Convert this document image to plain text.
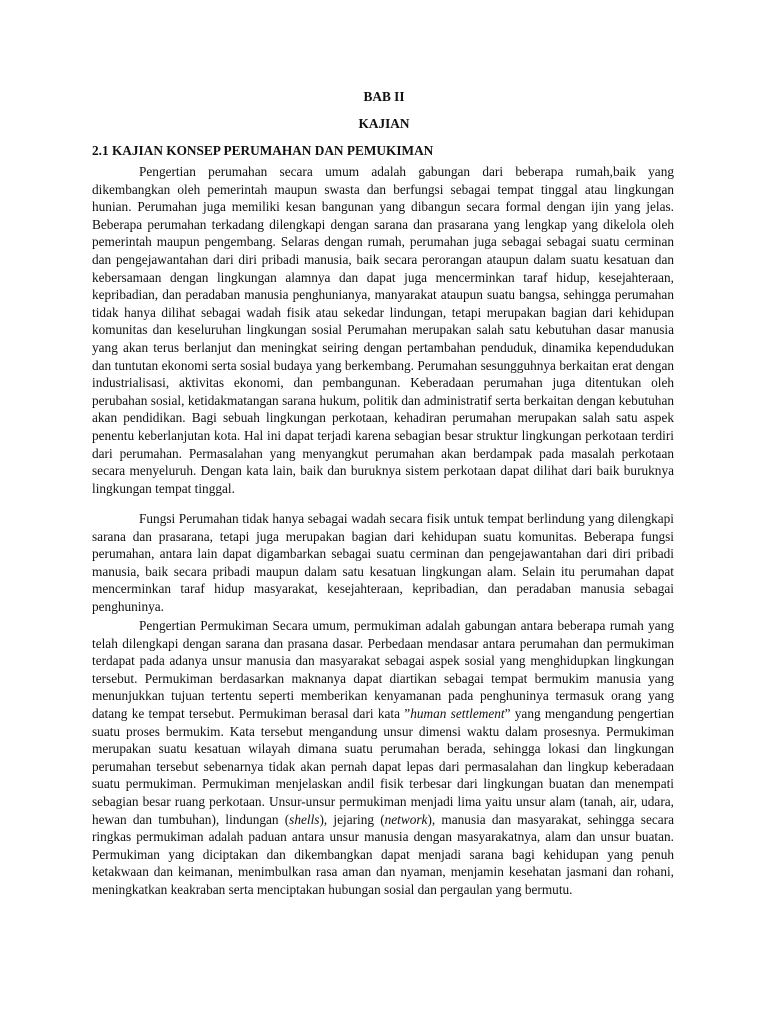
BAB II
KAJIAN
2.1 KAJIAN KONSEP PERUMAHAN DAN PEMUKIMAN
Pengertian perumahan secara umum adalah gabungan dari beberapa rumah,baik yang dikembangkan oleh pemerintah maupun swasta dan berfungsi sebagai tempat tinggal atau lingkungan hunian. Perumahan juga memiliki kesan bangunan yang dibangun secara formal dengan ijin yang jelas. Beberapa perumahan terkadang dilengkapi dengan sarana dan prasarana yang lengkap yang dikelola oleh pemerintah maupun pengembang. Selaras dengan rumah, perumahan juga sebagai sebagai suatu cerminan dan pengejawantahan dari diri pribadi manusia, baik secara perorangan ataupun dalam suatu kesatuan dan kebersamaan dengan lingkungan alamnya dan dapat juga mencerminkan taraf hidup, kesejahteraan, kepribadian, dan peradaban manusia penghunianya, manyarakat ataupun suatu bangsa, sehingga perumahan tidak hanya dilihat sebagai wadah fisik atau sekedar lindungan, tetapi merupakan bagian dari kehidupan komunitas dan keseluruhan lingkungan sosial Perumahan merupakan salah satu kebutuhan dasar manusia yang akan terus berlanjut dan meningkat seiring dengan pertambahan penduduk, dinamika kependudukan dan tuntutan ekonomi serta sosial budaya yang berkembang. Perumahan sesungguhnya berkaitan erat dengan industrialisasi, aktivitas ekonomi, dan pembangunan. Keberadaan perumahan juga ditentukan oleh perubahan sosial, ketidakmatangan sarana hukum, politik dan administratif serta berkaitan dengan kebutuhan akan pendidikan. Bagi sebuah lingkungan perkotaan, kehadiran perumahan merupakan salah satu aspek penentu keberlanjutan kota. Hal ini dapat terjadi karena sebagian besar struktur lingkungan perkotaan terdiri dari perumahan. Permasalahan yang menyangkut perumahan akan berdampak pada masalah perkotaan secara menyeluruh. Dengan kata lain, baik dan buruknya sistem perkotaan dapat dilihat dari baik buruknya lingkungan tempat tinggal.
Fungsi Perumahan tidak hanya sebagai wadah secara fisik untuk tempat berlindung yang dilengkapi sarana dan prasarana, tetapi juga merupakan bagian dari kehidupan suatu komunitas. Beberapa fungsi perumahan, antara lain dapat digambarkan sebagai suatu cerminan dan pengejawantahan dari diri pribadi manusia, baik secara pribadi maupun dalam satu kesatuan lingkungan alam. Selain itu perumahan dapat mencerminkan taraf hidup masyarakat, kesejahteraan, kepribadian, dan peradaban manusia sebagai penghuninya.
Pengertian Permukiman Secara umum, permukiman adalah gabungan antara beberapa rumah yang telah dilengkapi dengan sarana dan prasana dasar. Perbedaan mendasar antara perumahan dan permukiman terdapat pada adanya unsur manusia dan masyarakat sebagai aspek sosial yang menghidupkan lingkungan tersebut. Permukiman berdasarkan maknanya dapat diartikan sebagai tempat bermukim manusia yang menunjukkan tujuan tertentu seperti memberikan kenyamanan pada penghuninya termasuk orang yang datang ke tempat tersebut. Permukiman berasal dari kata ”human settlement” yang mengandung pengertian suatu proses bermukim. Kata tersebut mengandung unsur dimensi waktu dalam prosesnya. Permukiman merupakan suatu kesatuan wilayah dimana suatu perumahan berada, sehingga lokasi dan lingkungan perumahan tersebut sebenarnya tidak akan pernah dapat lepas dari permasalahan dan lingkup keberadaan suatu permukiman. Permukiman menjelaskan andil fisik terbesar dari lingkungan buatan dan menempati sebagian besar ruang perkotaan. Unsur-unsur permukiman menjadi lima yaitu unsur alam (tanah, air, udara, hewan dan tumbuhan), lindungan (shells), jejaring (network), manusia dan masyarakat, sehingga secara ringkas permukiman adalah paduan antara unsur manusia dengan masyarakatnya, alam dan unsur buatan. Permukiman yang diciptakan dan dikembangkan dapat menjadi sarana bagi kehidupan yang penuh ketakwaan dan keimanan, menimbulkan rasa aman dan nyaman, menjamin kesehatan jasmani dan rohani, meningkatkan keakraban serta menciptakan hubungan sosial dan pergaulan yang bermutu.
